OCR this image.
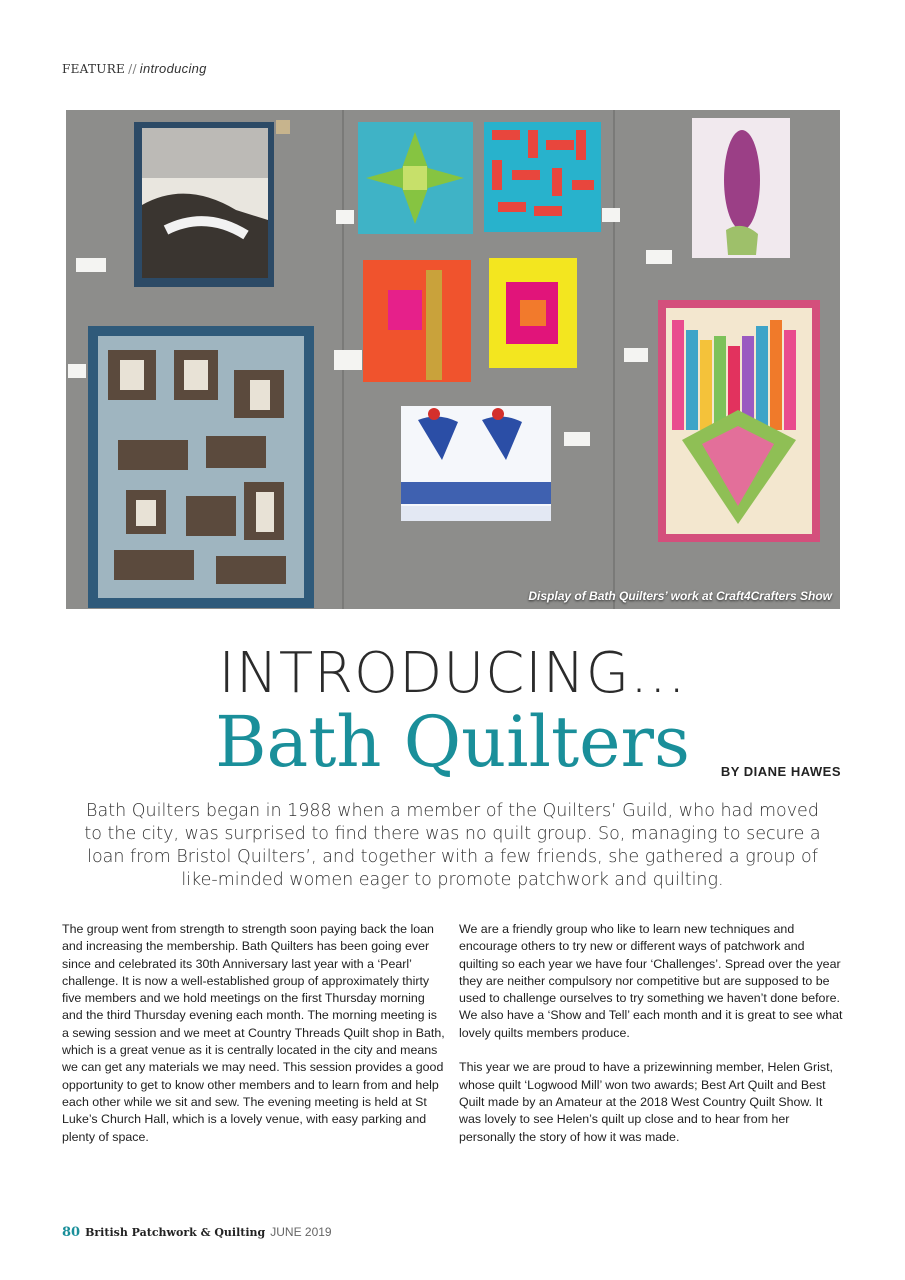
FEATURE // introducing
Display of Bath Quilters’ work at Craft4Crafters Show
INTRODUCING...
Bath Quilters	BY DIANE HAWES
Bath Quilters began in 1988 when a member of the Quilters’ Guild, who had moved to the city, was surprised to find there was no quilt group. So, managing to secure a loan from Bristol Quilters’, and together with a few friends, she gathered a group of like-minded women eager to promote patchwork and quilting.

The group went from strength to strength soon paying back the loan and increasing the membership. Bath Quilters has been going ever since and celebrated its 30th Anniversary last year with a ‘Pearl’ challenge. It is now a well-established group of approximately thirty five members and we hold meetings on the first Thursday morning and the third Thursday evening each month. The morning meeting is a sewing session and we meet at Country Threads Quilt shop in Bath, which is a great venue as it is centrally located in the city and means we can get any materials we may need. This session provides a good opportunity to get to know other members and to learn from and help each other while we sit and sew. The evening meeting is held at St Luke’s Church Hall, which is a lovely venue, with easy parking and plenty of space.

We are a friendly group who like to learn new techniques and encourage others to try new or different ways of patchwork and quilting so each year we have four ‘Challenges’. Spread over the year they are neither compulsory nor competitive but are supposed to be used to challenge ourselves to try something we haven’t done before. We also have a ‘Show and Tell’ each month and it is great to see what lovely quilts members produce.

This year we are proud to have a prizewinning member, Helen Grist, whose quilt ‘Logwood Mill’ won two awards; Best Art Quilt and Best Quilt made by an Amateur at the 2018 West Country Quilt Show. It was lovely to see Helen’s quilt up close and to hear from her personally the story of how it was made.

80 British Patchwork & Quilting JUNE 2019
